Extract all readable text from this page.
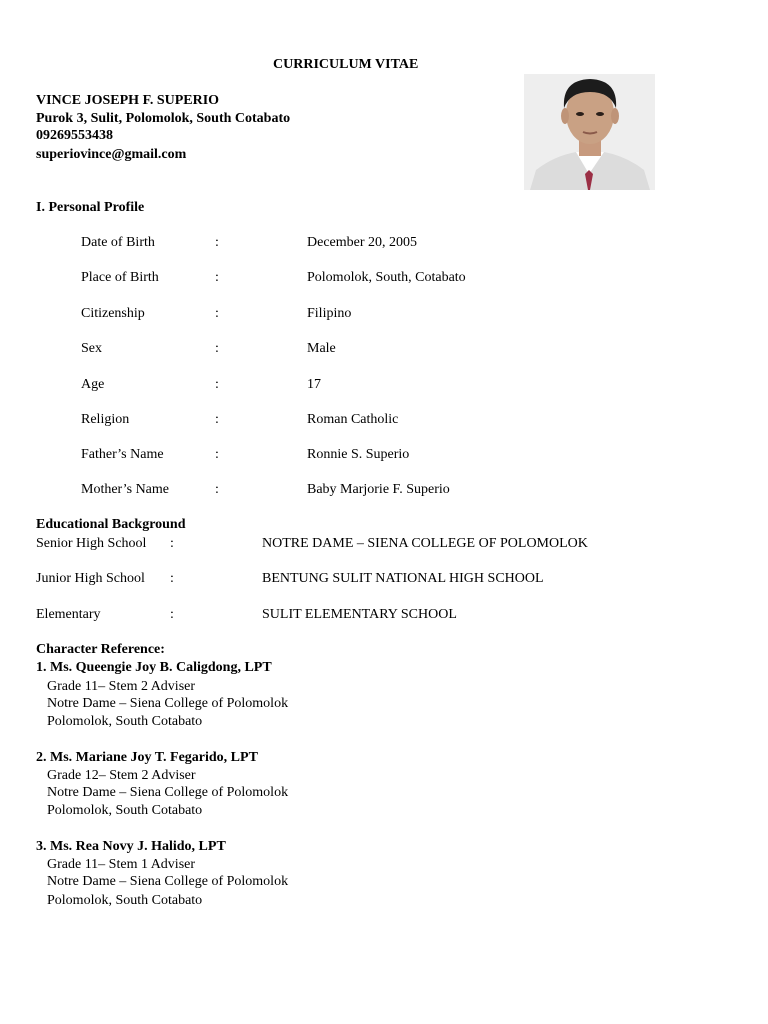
CURRICULUM VITAE
VINCE JOSEPH F. SUPERIO
Purok 3, Sulit, Polomolok, South Cotabato
09269553438
superiovince@gmail.com
I. Personal Profile
Date of Birth	:	December 20, 2005
Place of Birth	:	Polomolok, South, Cotabato
Citizenship	:	Filipino
Sex	:	Male
Age	:	17
Religion	:	Roman Catholic
Father’s Name	:	Ronnie S. Superio
Mother’s Name	:	Baby Marjorie F. Superio
Educational Background
Senior High School :	NOTRE DAME – SIENA COLLEGE OF POLOMOLOK
Junior High School :	BENTUNG SULIT NATIONAL HIGH SCHOOL
Elementary	:	SULIT ELEMENTARY SCHOOL
Character Reference:
1. Ms. Queengie Joy B. Caligdong, LPT
Grade 11– Stem 2 Adviser
Notre Dame – Siena College of Polomolok
Polomolok, South Cotabato
2. Ms. Mariane Joy T. Fegarido, LPT
Grade 12– Stem 2 Adviser
Notre Dame – Siena College of Polomolok
Polomolok, South Cotabato
3. Ms. Rea Novy J. Halido, LPT
Grade 11– Stem 1 Adviser
Notre Dame – Siena College of Polomolok
Polomolok, South Cotabato
